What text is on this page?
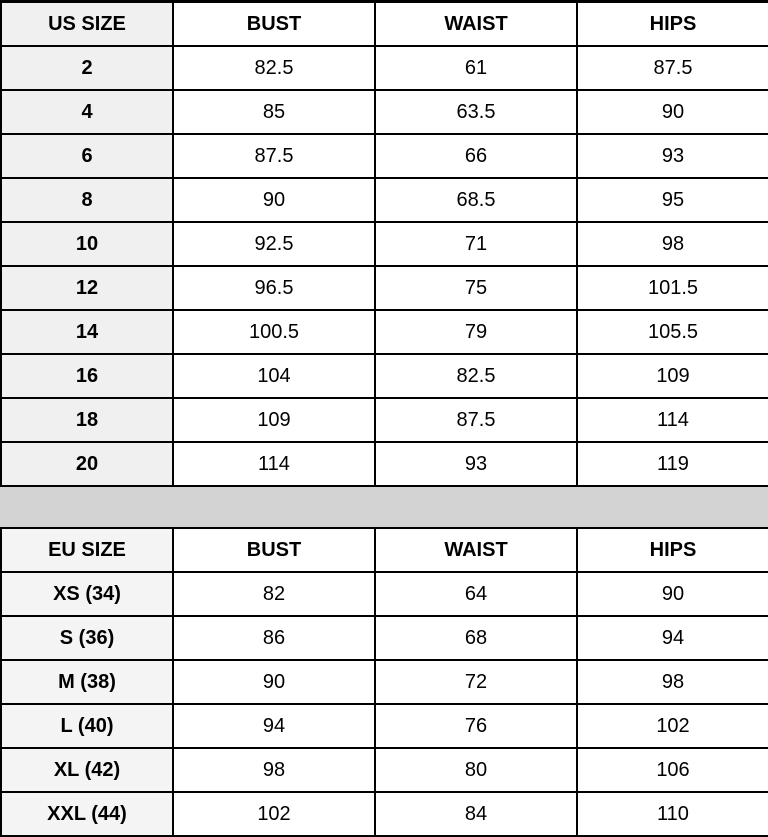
US SIZE	BUST	WAIST	HIPS
2	82.5	61	87.5
4	85	63.5	90
6	87.5	66	93
8	90	68.5	95
10	92.5	71	98
12	96.5	75	101.5
14	100.5	79	105.5
16	104	82.5	109
18	109	87.5	114
20	114	93	119
EU SIZE	BUST	WAIST	HIPS
XS (34)	82	64	90
S (36)	86	68	94
M (38)	90	72	98
L (40)	94	76	102
XL (42)	98	80	106
XXL (44)	102	84	110
